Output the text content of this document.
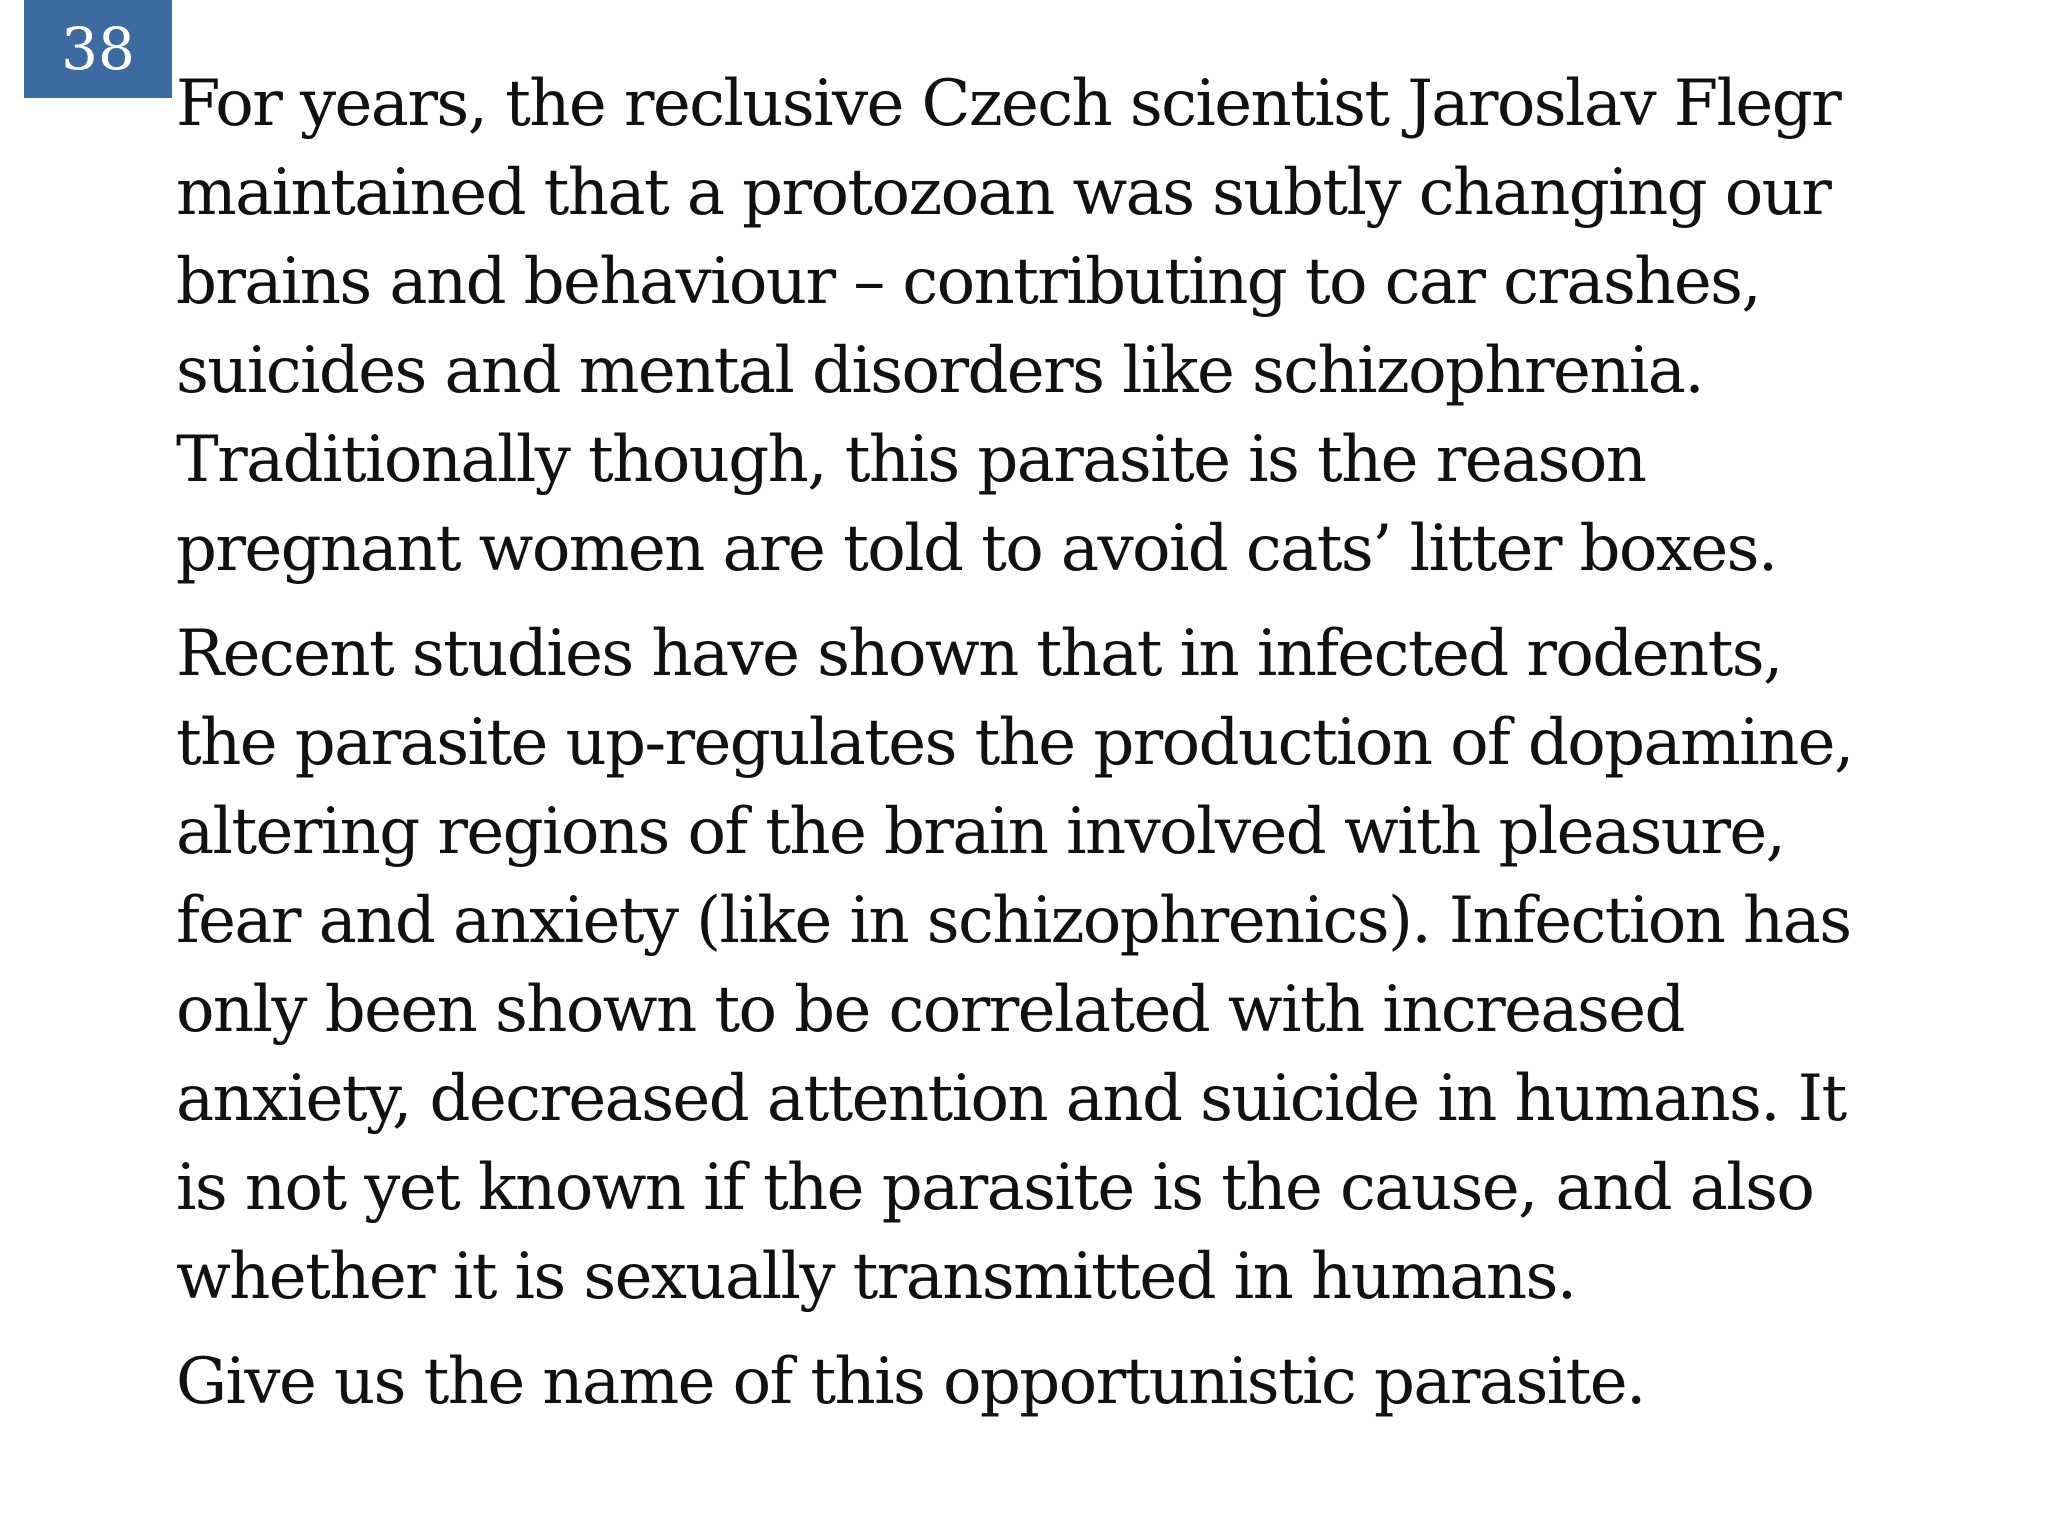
38

For years, the reclusive Czech scientist Jaroslav Flegr
maintained that a protozoan was subtly changing our
brains and behaviour – contributing to car crashes,
suicides and mental disorders like schizophrenia.
Traditionally though, this parasite is the reason
pregnant women are told to avoid cats’ litter boxes.

Recent studies have shown that in infected rodents,
the parasite up-regulates the production of dopamine,
altering regions of the brain involved with pleasure,
fear and anxiety (like in schizophrenics). Infection has
only been shown to be correlated with increased
anxiety, decreased attention and suicide in humans. It
is not yet known if the parasite is the cause, and also
whether it is sexually transmitted in humans.

Give us the name of this opportunistic parasite.
